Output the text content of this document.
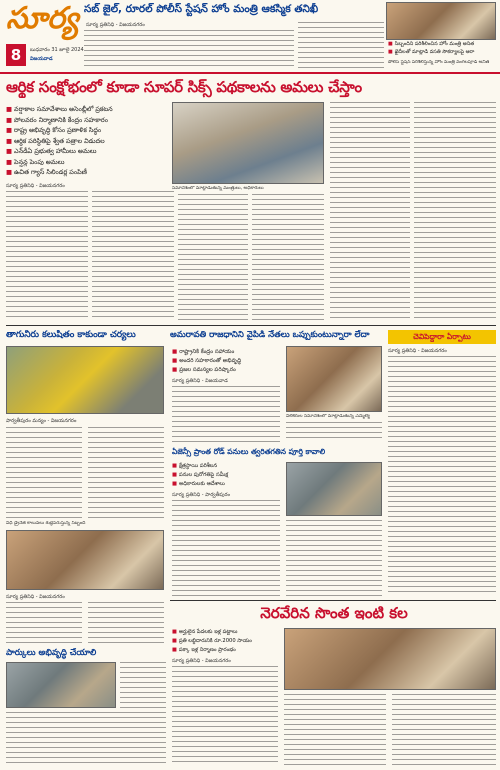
సూర్య
8	బుధవారం 31 జూలై 2024
విజయవాడ
సబ్ జైల్, రూరల్ పోలీస్ స్టేషన్ హోం మంత్రి ఆకస్మిక తనిఖీ
సూర్య ప్రతినిధి - విజయనగరం
■ సిబ్బందిని పరిశీలించిన హోం మంత్రి అనిత
■ ఖైదీలతో మాట్లాడి వసతి సౌకర్యాలపై ఆరా
పోలీస్ స్టేషన్ పరిశీలిస్తున్న హోం మంత్రి వంగలపూడి అనిత
ఆర్థిక సంక్షోభంలో కూడా సూపర్ సిక్స్ పథకాలను అమలు చేస్తాం
■ వర్షాకాల సమావేశాలు అసెంబ్లీలో ప్రకటన
■ పోలవరం నిర్మాణానికి కేంద్రం సహకారం
■ రాష్ట్ర అభివృద్ధి కోసం ప్రణాళిక సిద్ధం
■ ఆర్థిక పరిస్థితిపై శ్వేత పత్రాల విడుదల
■ ఎన్‌డీఏ ప్రభుత్వ హామీలు అమలు
■ పెన్షన్ల పెంపు అమలు
■ ఉచిత గ్యాస్ సిలిండర్ల పంపిణీ
సూర్య ప్రతినిధి - విజయనగరం	సమావేశంలో మాట్లాడుతున్న మంత్రులు, అధికారులు
తాగునీరు కలుషితం కాకుండా చర్యలు
పార్వతీపురం మన్యం - విజయనగరం
వీధి డ్రైనేజీ కాలువలు శుభ్రపరుస్తున్న సిబ్బంది
సూర్య ప్రతినిధి - విజయనగరం
పార్కులు అభివృద్ధి చేయాలి
అమరావతి రాజధానిని వైపిడి నేతలు ఒప్పుకుంటున్నారా లేదా
■ రాష్ట్రానికి కేంద్రం సహాయం
■ అందరి సహకారంతో అభివృద్ధి
■ ప్రజల సమస్యల పరిష్కారం
సూర్య ప్రతినిధి - విజయవాడ
విలేకరుల సమావేశంలో మాట్లాడుతున్న ఎమ్మెల్యే
ఏజెన్సీ ప్రాంత రోడ్ పనులు త్వరితగతిన పూర్తి కావాలి
■ క్షేత్రస్థాయి పరిశీలన
■ పనుల పురోగతిపై సమీక్ష
■ అధికారులకు ఆదేశాలు
సూర్య ప్రతినిధి - పార్వతీపురం
చెవిపెద్దారా ఏర్పాటు
సూర్య ప్రతినిధి - విజయనగరం
నెరవేరిన సొంత ఇంటి కల
■ అర్హులైన పేదలకు ఇళ్ల పట్టాలు
■ ప్రతి లబ్ధిదారునికి రూ.2000 సాయం
■ పక్కా ఇళ్ల నిర్మాణం ప్రారంభం
సూర్య ప్రతినిధి - విజయనగరం
